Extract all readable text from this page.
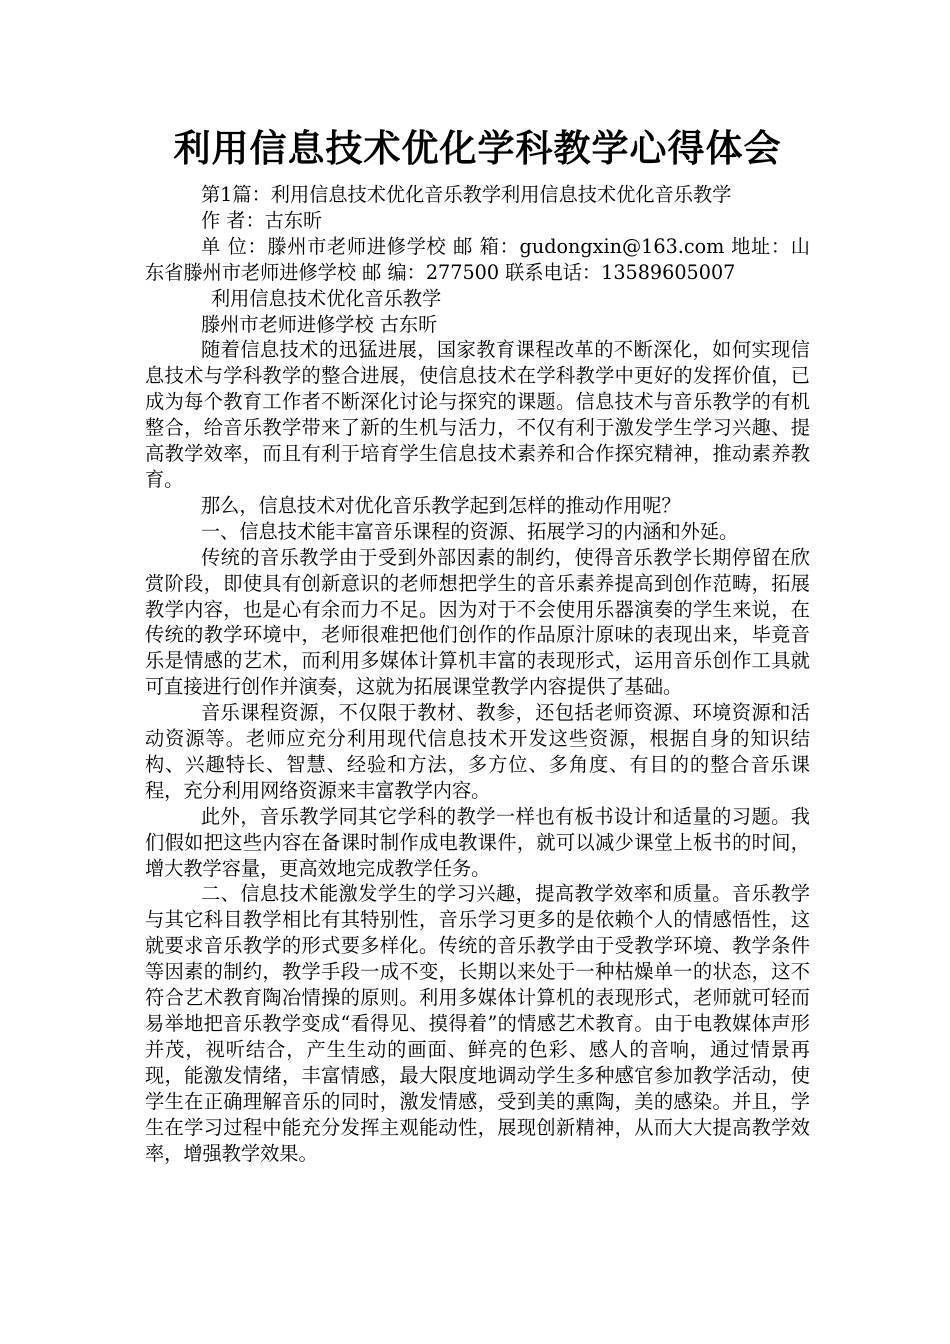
利用信息技术优化学科教学心得体会

第1篇：利用信息技术优化音乐教学利用信息技术优化音乐教学

作 者：古东昕

单 位：滕州市老师进修学校 邮 箱：gudongxin@163.com 地址：山东省滕州市老师进修学校 邮 编：277500 联系电话：13589605007

利用信息技术优化音乐教学

滕州市老师进修学校 古东昕

随着信息技术的迅猛进展，国家教育课程改革的不断深化，如何实现信息技术与学科教学的整合进展，使信息技术在学科教学中更好的发挥价值，已成为每个教育工作者不断深化讨论与探究的课题。信息技术与音乐教学的有机整合，给音乐教学带来了新的生机与活力，不仅有利于激发学生学习兴趣、提高教学效率，而且有利于培育学生信息技术素养和合作探究精神，推动素养教育。

那么，信息技术对优化音乐教学起到怎样的推动作用呢？

一、信息技术能丰富音乐课程的资源、拓展学习的内涵和外延。

传统的音乐教学由于受到外部因素的制约，使得音乐教学长期停留在欣赏阶段，即使具有创新意识的老师想把学生的音乐素养提高到创作范畴，拓展教学内容，也是心有余而力不足。因为对于不会使用乐器演奏的学生来说，在传统的教学环境中，老师很难把他们创作的作品原汁原味的表现出来，毕竟音乐是情感的艺术，而利用多媒体计算机丰富的表现形式，运用音乐创作工具就可直接进行创作并演奏，这就为拓展课堂教学内容提供了基础。

音乐课程资源，不仅限于教材、教参，还包括老师资源、环境资源和活动资源等。老师应充分利用现代信息技术开发这些资源，根据自身的知识结构、兴趣特长、智慧、经验和方法，多方位、多角度、有目的的整合音乐课程，充分利用网络资源来丰富教学内容。

此外，音乐教学同其它学科的教学一样也有板书设计和适量的习题。我们假如把这些内容在备课时制作成电教课件，就可以减少课堂上板书的时间，增大教学容量，更高效地完成教学任务。

二、信息技术能激发学生的学习兴趣，提高教学效率和质量。音乐教学与其它科目教学相比有其特别性，音乐学习更多的是依赖个人的情感悟性，这就要求音乐教学的形式要多样化。传统的音乐教学由于受教学环境、教学条件等因素的制约，教学手段一成不变，长期以来处于一种枯燥单一的状态，这不符合艺术教育陶冶情操的原则。利用多媒体计算机的表现形式，老师就可轻而易举地把音乐教学变成“看得见、摸得着”的情感艺术教育。由于电教媒体声形并茂，视听结合，产生生动的画面、鲜亮的色彩、感人的音响，通过情景再现，能激发情绪，丰富情感，最大限度地调动学生多种感官参加教学活动，使学生在正确理解音乐的同时，激发情感，受到美的熏陶，美的感染。并且，学生在学习过程中能充分发挥主观能动性，展现创新精神，从而大大提高教学效率，增强教学效果。
